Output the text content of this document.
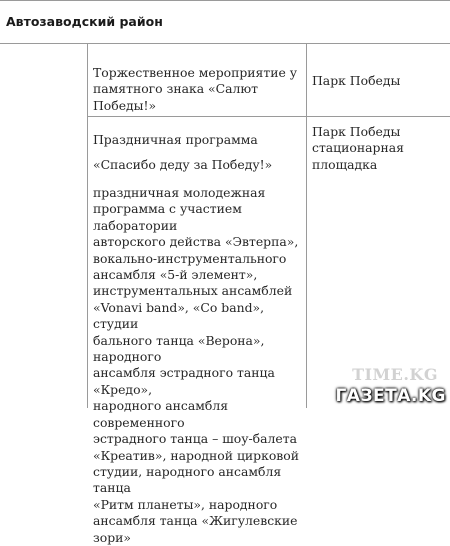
Автозаводский район
Торжественное мероприятие у памятного знака «Салют Победы!»
Парк Победы
Праздничная программа
«Спасибо деду за Победу!»
праздничная молодежная
программа с участием лаборатории
авторского действа «Эвтерпа»,
вокально-инструментального
ансамбля «5-й элемент»,
инструментальных ансамблей
«Vonavi band», «Co band», студии
бального танца «Верона», народного
ансамбля эстрадного танца «Кредо»,
народного ансамбля современного
эстрадного танца – шоу-балета
«Креатив», народной цирковой
студии, народного ансамбля танца
«Ритм планеты», народного
ансамбля танца «Жигулевские зори»
Парк Победы
стационарная
площадка
TIME.KG
ГАЗЕТА.KG
